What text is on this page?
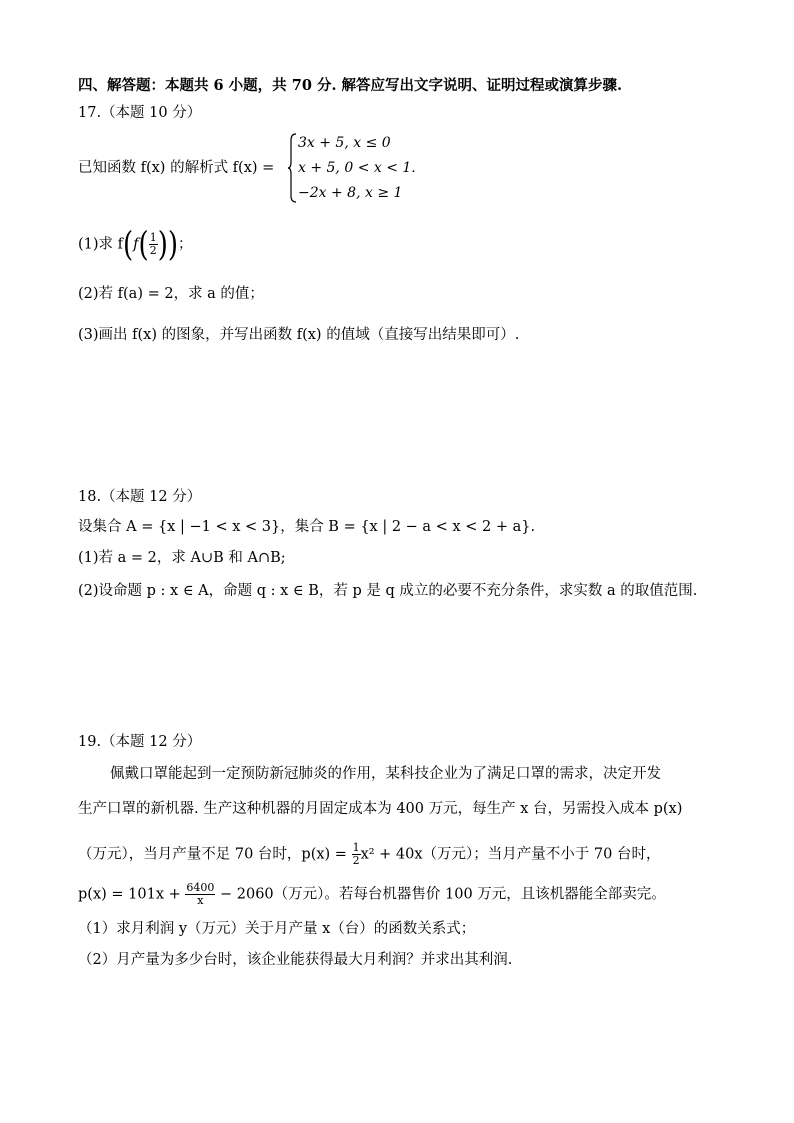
四、解答题：本题共 6 小题，共 70 分. 解答应写出文字说明、证明过程或演算步骤.
17.（本题 10 分）
已知函数 f(x) 的解析式 f(x) =
3x + 5, x ≤ 0
x + 5, 0 < x < 1.
−2x + 8, x ≥ 1
(1)求 $f(f( \frac{1}{2}$ ))；
(2)若 f(a) = 2，求 a 的值；
(3)画出 f(x) 的图象，并写出函数 f(x) 的值域（直接写出结果即可）.
18.（本题 12 分）
设集合 A = {x | −1 < x < 3}，集合 B = {x | 2 − a < x < 2 + a}.
(1)若 a = 2，求 A∪B 和 A∩B;
(2)设命题 p : x ∈ A，命题 q : x ∈ B，若 p 是 q 成立的必要不充分条件，求实数 a 的取值范围.
19.（本题 12 分）
佩戴口罩能起到一定预防新冠肺炎的作用，某科技企业为了满足口罩的需求，决定开发
生产口罩的新机器. 生产这种机器的月固定成本为 400 万元，每生产 x 台，另需投入成本 p(x)
（万元），当月产量不足 70 台时，$p(x) = \frac{1}{2} x^2 + 40x$（万元）；当月产量不小于 70 台时，
$p(x) = 101x + \frac{6400}{x} - 2060$（万元）。若每台机器售价 100 万元，且该机器能全部卖完。
（1）求月利润 y（万元）关于月产量 x（台）的函数关系式；
（2）月产量为多少台时，该企业能获得最大月利润？并求出其利润.
